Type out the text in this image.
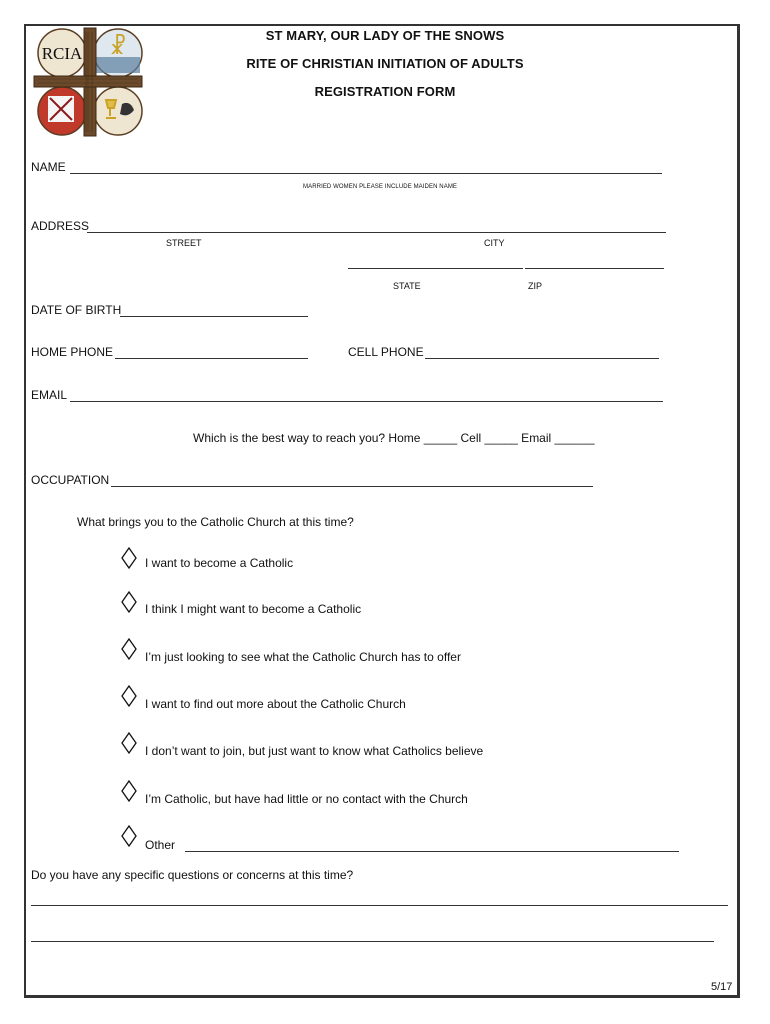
RCIA ☧	ST MARY, OUR LADY OF THE SNOWS
RITE OF CHRISTIAN INITIATION OF ADULTS
REGISTRATION FORM
NAME
MARRIED WOMEN PLEASE INCLUDE MAIDEN NAME
ADDRESS
STREET	CITY
STATE	ZIP
DATE OF BIRTH
HOME PHONE	CELL PHONE
EMAIL
Which is the best way to reach you? Home _____ Cell _____ Email ______
OCCUPATION
What brings you to the Catholic Church at this time?
I want to become a Catholic
I think I might want to become a Catholic
I’m just looking to see what the Catholic Church has to offer
I want to find out more about the Catholic Church
I don’t want to join, but just want to know what Catholics believe
I’m Catholic, but have had little or no contact with the Church
Other
Do you have any specific questions or concerns at this time?
5/17
